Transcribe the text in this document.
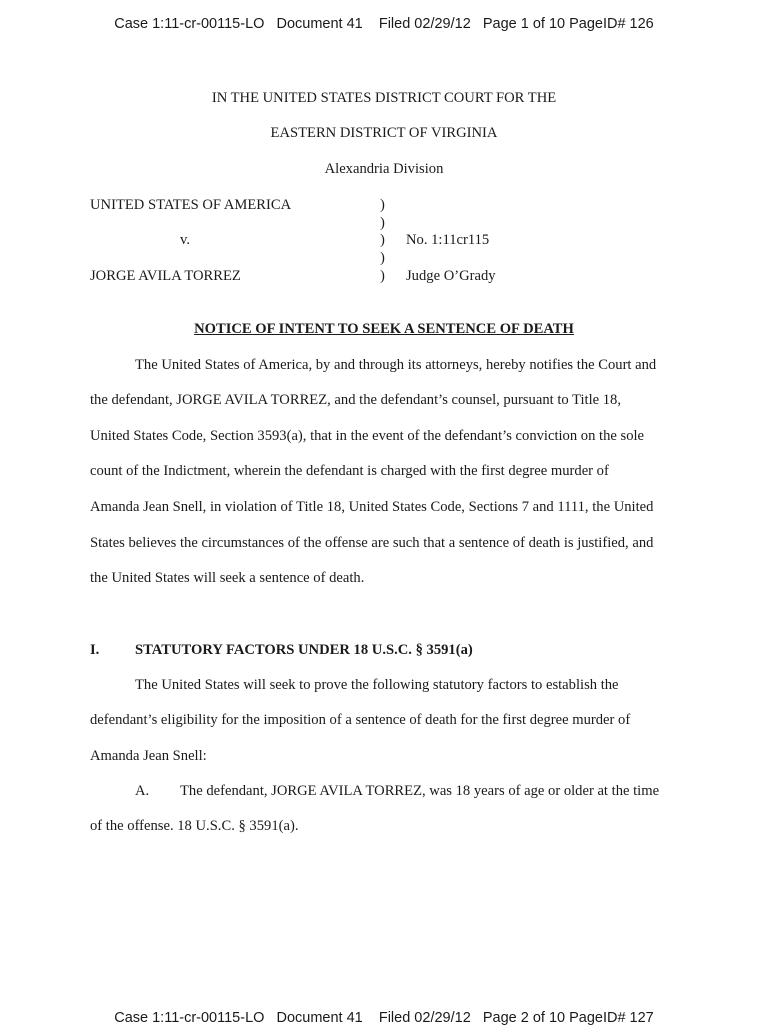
Case 1:11-cr-00115-LO   Document 41    Filed 02/29/12   Page 1 of 10 PageID# 126
IN THE UNITED STATES DISTRICT COURT FOR THE
EASTERN DISTRICT OF VIRGINIA
Alexandria Division
UNITED STATES OF AMERICA
v.
JORGE AVILA TORREZ
)
)
)
)
)
No. 1:11cr115
Judge O’Grady
NOTICE OF INTENT TO SEEK A SENTENCE OF DEATH
The United States of America, by and through its attorneys, hereby notifies the Court and
the defendant, JORGE AVILA TORREZ, and the defendant’s counsel, pursuant to Title 18,
United States Code, Section 3593(a), that in the event of the defendant’s conviction on the sole
count of the Indictment, wherein the defendant is charged with the first degree murder of
Amanda Jean Snell, in violation of Title 18, United States Code, Sections 7 and 1111, the United
States believes the circumstances of the offense are such that a sentence of death is justified, and
the United States will seek a sentence of death.
I. STATUTORY FACTORS UNDER 18 U.S.C. § 3591(a)
The United States will seek to prove the following statutory factors to establish the
defendant’s eligibility for the imposition of a sentence of death for the first degree murder of
Amanda Jean Snell:
A. The defendant, JORGE AVILA TORREZ, was 18 years of age or older at the time
of the offense. 18 U.S.C. § 3591(a).
Case 1:11-cr-00115-LO   Document 41    Filed 02/29/12   Page 2 of 10 PageID# 127
